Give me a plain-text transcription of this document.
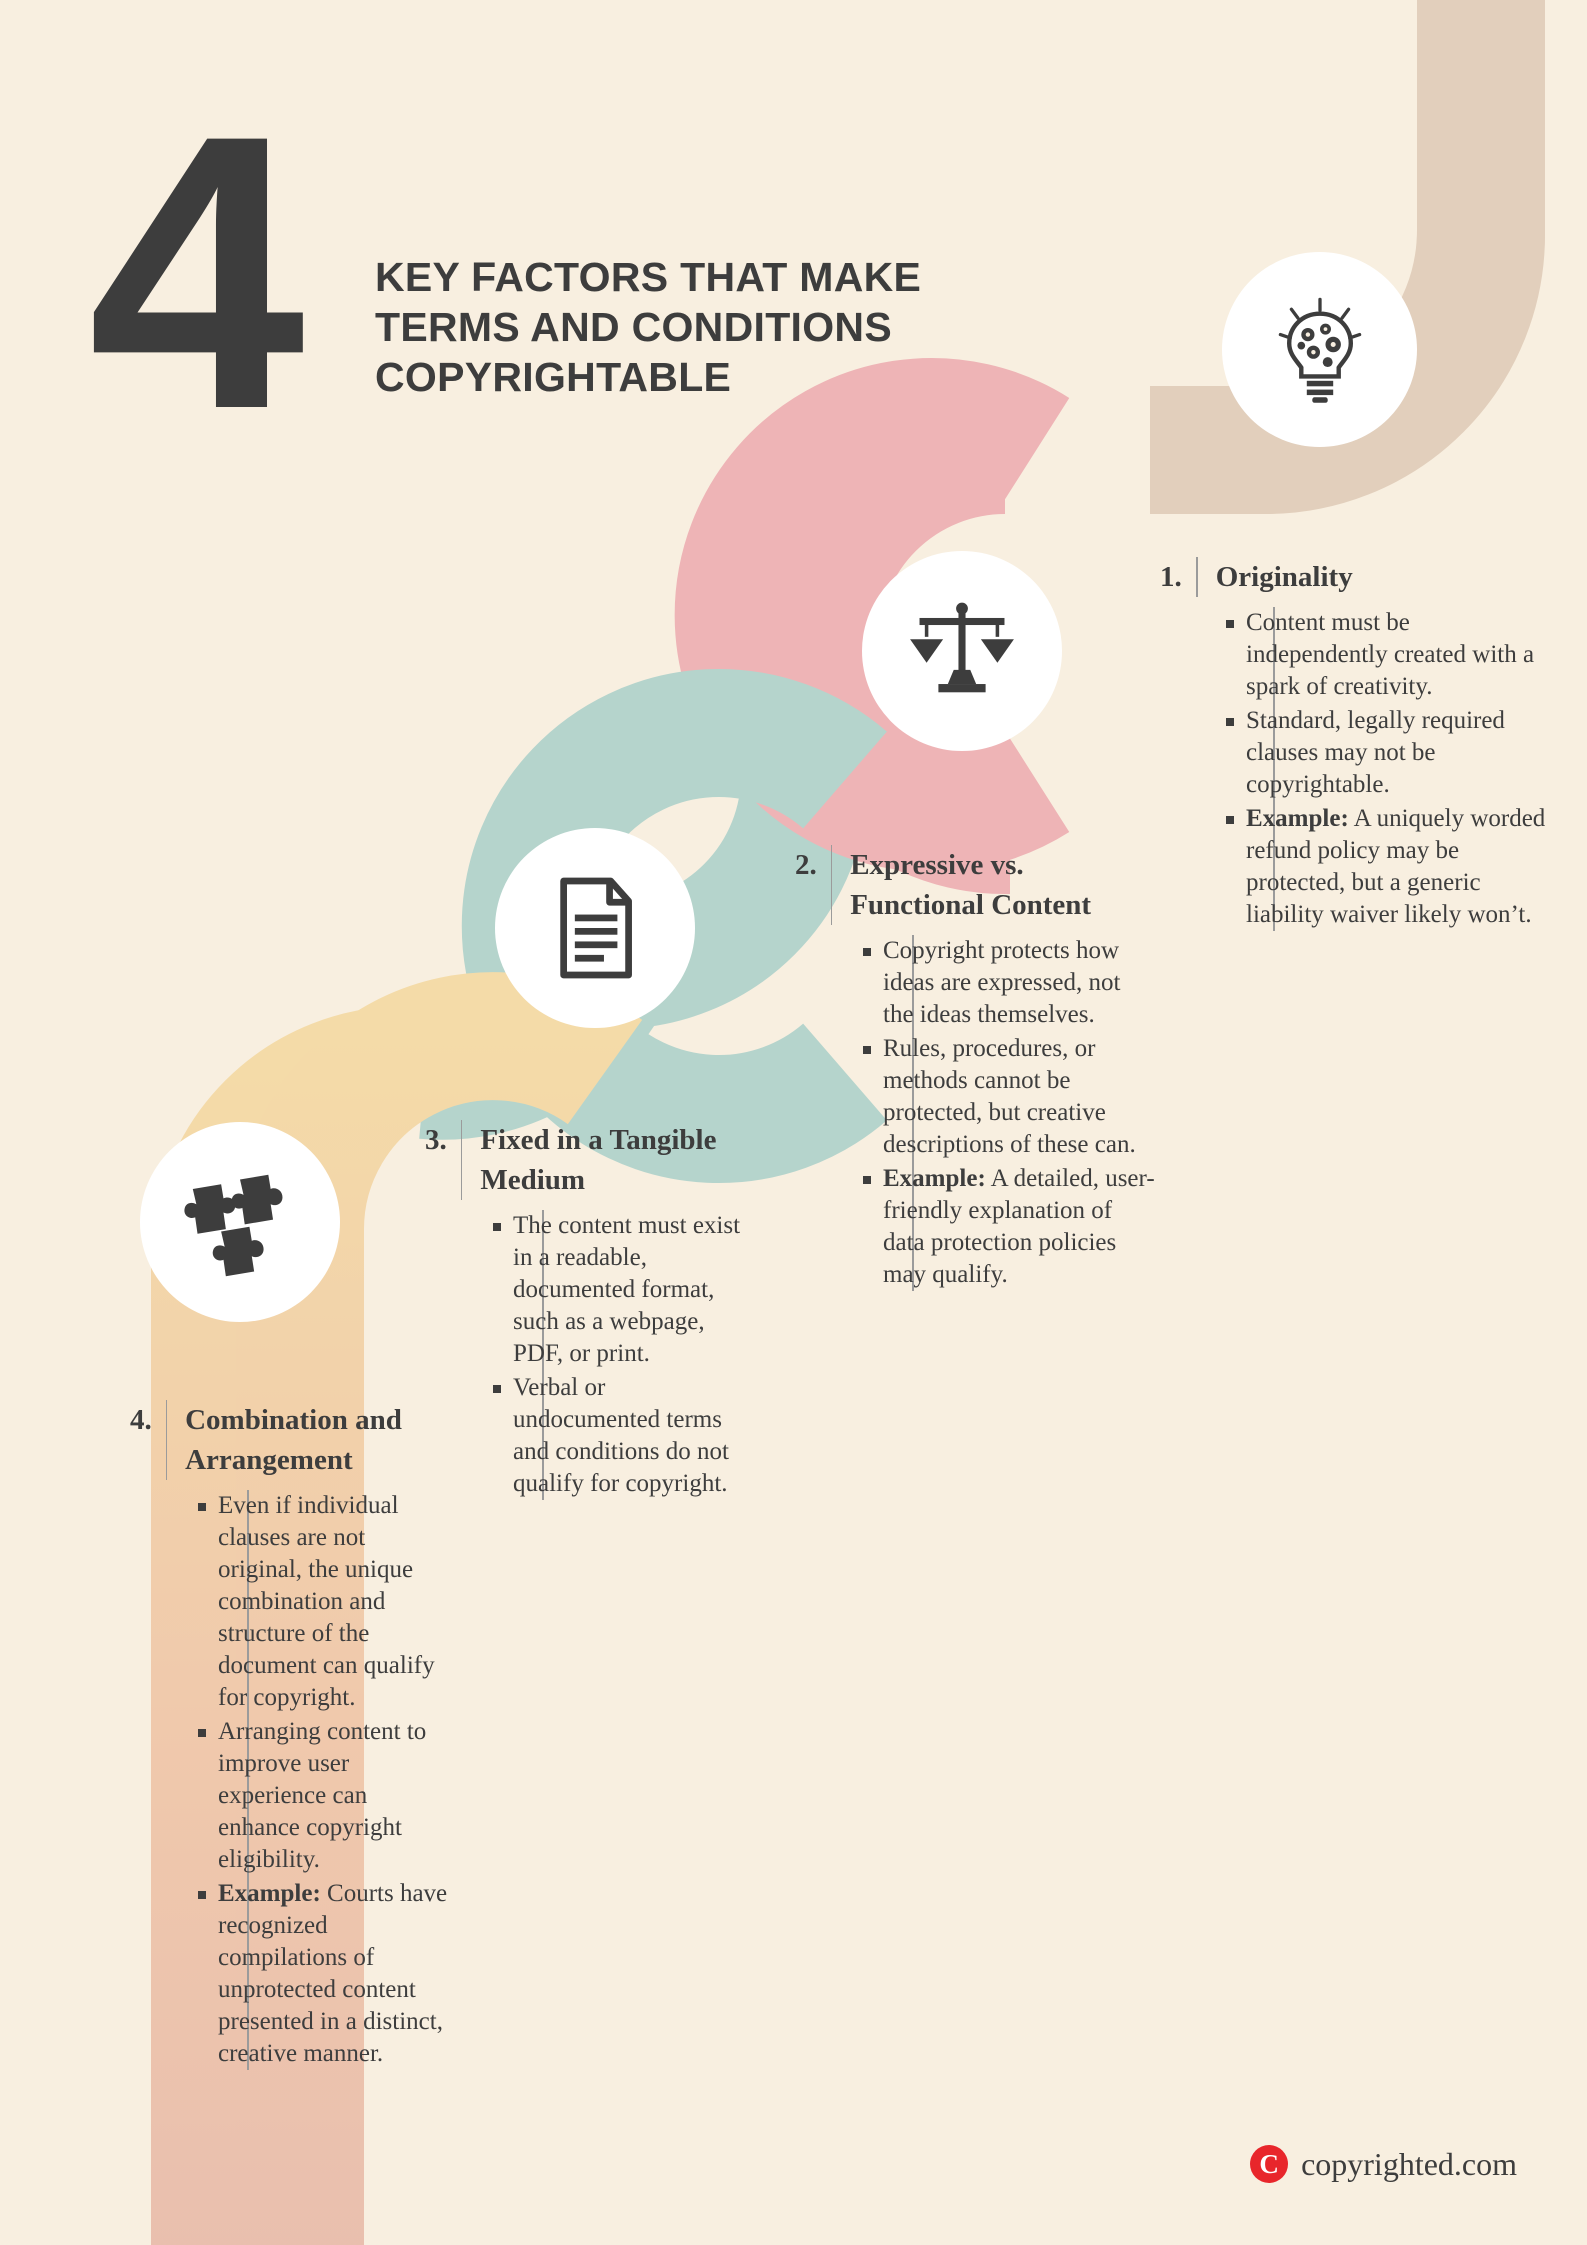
4 KEY FACTORS THAT MAKE TERMS AND CONDITIONS COPYRIGHTABLE
1.	Originality
Content must be independently created with a spark of creativity.
Standard, legally required clauses may not be copyrightable.
Example: A uniquely worded refund policy may be protected, but a generic liability waiver likely won’t.
2.	Expressive vs. Functional Content
Copyright protects how ideas are expressed, not the ideas themselves.
Rules, procedures, or methods cannot be protected, but creative descriptions of these can.
Example: A detailed, user-friendly explanation of data protection policies may qualify.
3.	Fixed in a Tangible Medium
The content must exist in a readable, documented format, such as a webpage, PDF, or print.
Verbal or undocumented terms and conditions do not qualify for copyright.
4.	Combination and Arrangement
Even if individual clauses are not original, the unique combination and structure of the document can qualify for copyright.
Arranging content to improve user experience can enhance copyright eligibility.
Example: Courts have recognized compilations of unprotected content presented in a distinct, creative manner.
C copyrighted.com
